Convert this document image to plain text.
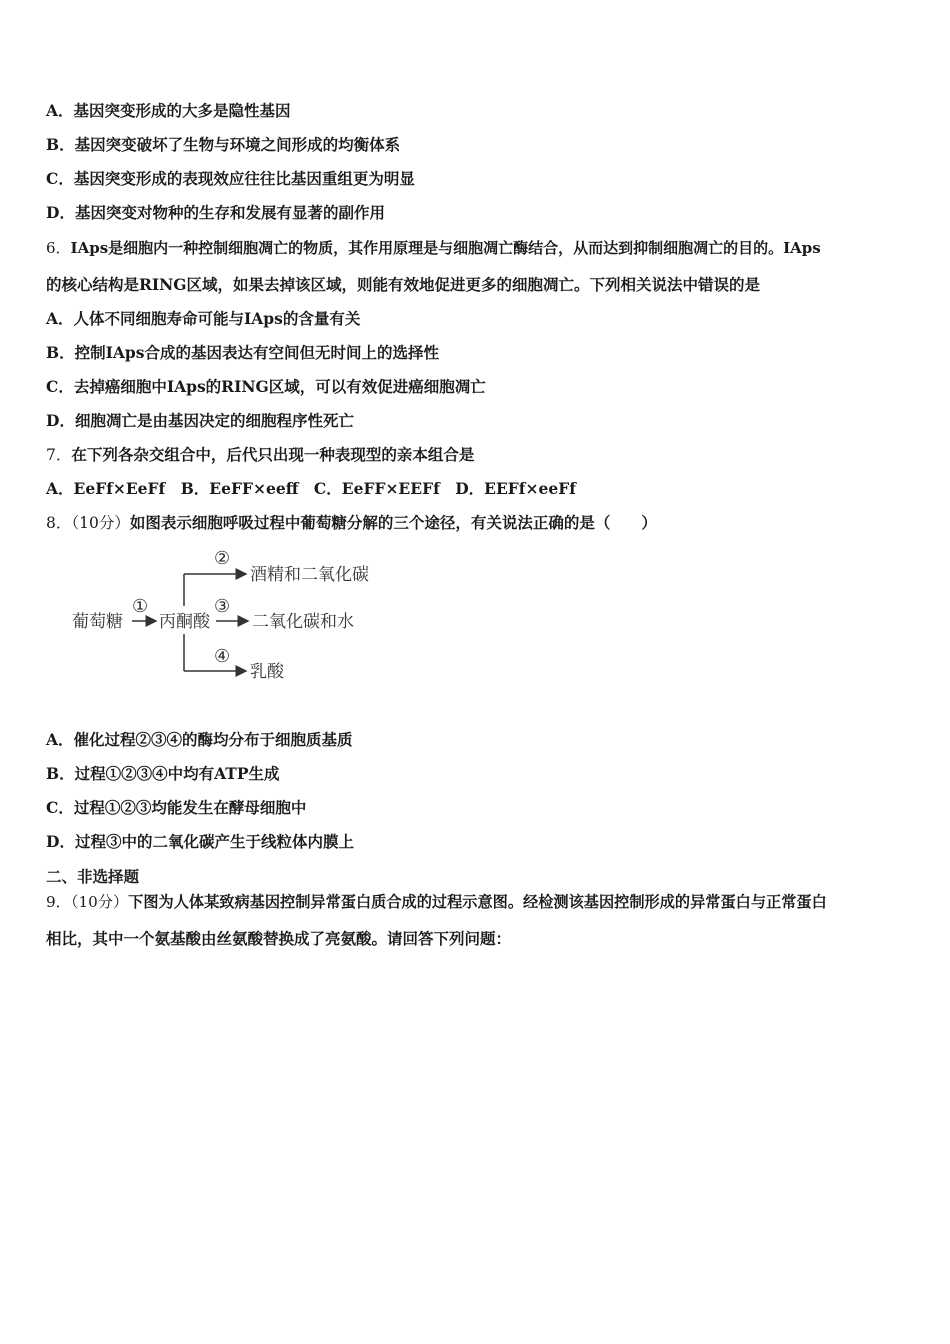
A．基因突变形成的大多是隐性基因
B．基因突变破坏了生物与环境之间形成的均衡体系
C．基因突变形成的表现效应往往比基因重组更为明显
D．基因突变对物种的生存和发展有显著的副作用
6．IAps是细胞内一种控制细胞凋亡的物质，其作用原理是与细胞凋亡酶结合，从而达到抑制细胞凋亡的目的。IAps
的核心结构是RING区域，如果去掉该区域，则能有效地促进更多的细胞凋亡。下列相关说法中错误的是
A．人体不同细胞寿命可能与IAps的含量有关
B．控制IAps合成的基因表达有空间但无时间上的选择性
C．去掉癌细胞中IAps的RING区域，可以有效促进癌细胞凋亡
D．细胞凋亡是由基因决定的细胞程序性死亡
7．在下列各杂交组合中，后代只出现一种表现型的亲本组合是
A．EeFf×EeFf　B．EeFF×eeff　C．EeFF×EEFf　D．EEFf×eeFf
8．（10分）如图表示细胞呼吸过程中葡萄糖分解的三个途径，有关说法正确的是（　　）
葡萄糖
①
丙酮酸
②
酒精和二氧化碳
③
二氧化碳和水
④
乳酸
A．催化过程②③④的酶均分布于细胞质基质
B．过程①②③④中均有ATP生成
C．过程①②③均能发生在酵母细胞中
D．过程③中的二氧化碳产生于线粒体内膜上
二、非选择题
9．（10分）下图为人体某致病基因控制异常蛋白质合成的过程示意图。经检测该基因控制形成的异常蛋白与正常蛋白
相比，其中一个氨基酸由丝氨酸替换成了亮氨酸。请回答下列问题：
